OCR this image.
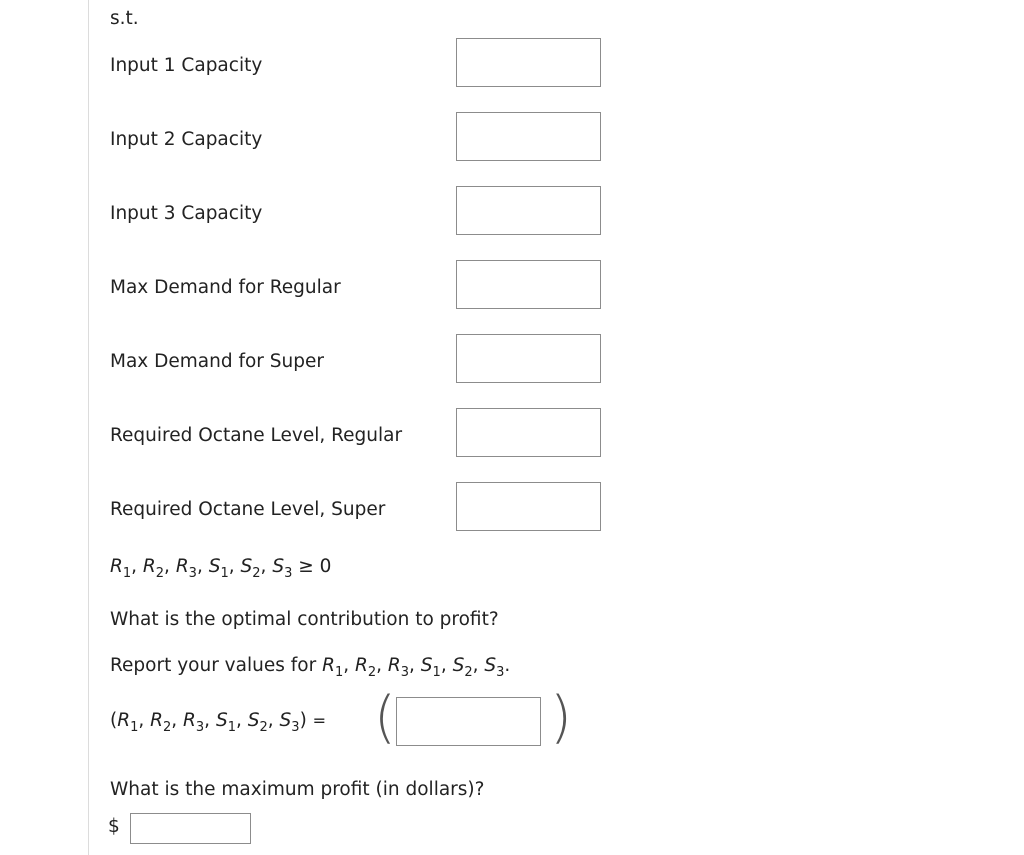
s.t.
Input 1 Capacity
Input 2 Capacity
Input 3 Capacity
Max Demand for Regular
Max Demand for Super
Required Octane Level, Regular
Required Octane Level, Super
$R_1$, $R_2$, $R_3$, $S_1$, $S_2$, $S_3 \ge 0$
What is the optimal contribution to profit?
Report your values for $R_1$, $R_2$, $R_3$, $S_1$, $S_2$, $S_3$.
($R_1$, $R_2$, $R_3$, $S_1$, $S_2$, $S_3$) = (	)
What is the maximum profit (in dollars)?
$
